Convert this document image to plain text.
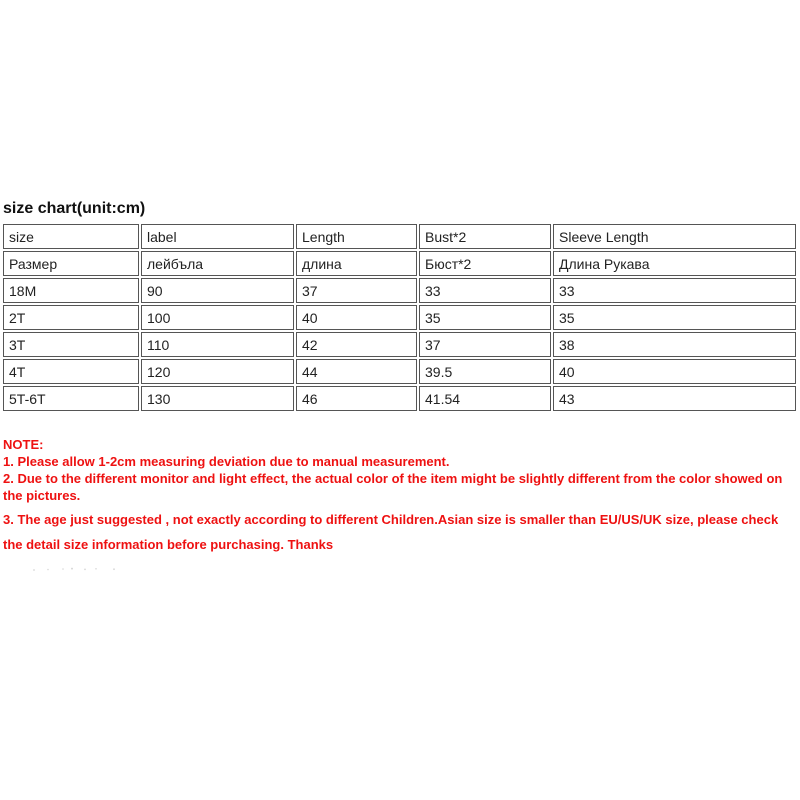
size chart(unit:cm)
size	label	Length	Bust*2	Sleeve Length
Размер	лейбъла	длина	Бюст*2	Длина Рукава
18M	90	37	33	33
2T	100	40	35	35
3T	110	42	37	38
4T	120	44	39.5	40
5T-6T	130	46	41.54	43

NOTE:

1. Please allow 1-2cm measuring deviation due to manual measurement.

2. Due to the different monitor and light effect, the actual color of the item might be slightly different from the color showed on the pictures.

3. The age just suggested , not exactly according to different Children.Asian size is smaller than EU/US/UK size, please check the detail size information before purchasing. Thanks
